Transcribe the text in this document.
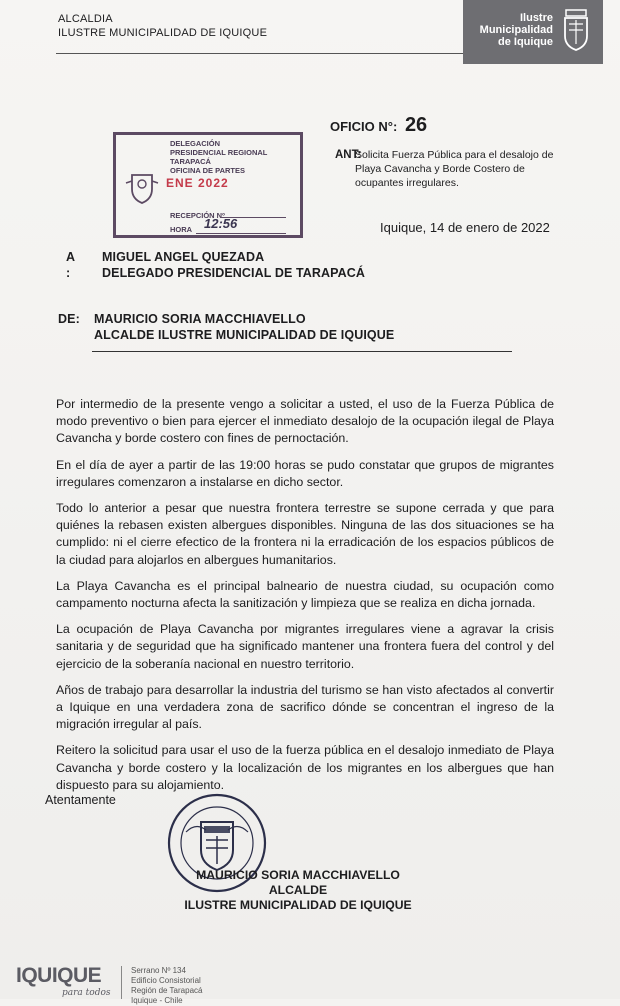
ALCALDIA
ILUSTRE MUNICIPALIDAD DE IQUIQUE
Ilustre
Municipalidad
de Iquique
OFICIO N°: 26
ANT:
Solicita Fuerza Pública para el desalojo de Playa Cavancha y Borde Costero de ocupantes irregulares.
DELEGACIÓN
PRESIDENCIAL REGIONAL
TARAPACÁ
OFICINA DE PARTES
ENE 2022
RECEPCIÓN Nº
HORA 12:56	Iquique, 14 de enero de 2022
A :
MIGUEL ANGEL QUEZADA
DELEGADO PRESIDENCIAL DE TARAPACÁ
DE: MAURICIO SORIA MACCHIAVELLO
ALCALDE ILUSTRE MUNICIPALIDAD DE IQUIQUE

Por intermedio de la presente vengo a solicitar a usted, el uso de la Fuerza Pública de modo preventivo o bien para ejercer el inmediato desalojo de la ocupación ilegal de Playa Cavancha y borde costero con fines de pernoctación.

En el día de ayer a partir de las 19:00 horas se pudo constatar que grupos de migrantes irregulares comenzaron a instalarse en dicho sector.

Todo lo anterior a pesar que nuestra frontera terrestre se supone cerrada y que para quiénes la rebasen existen albergues disponibles. Ninguna de las dos situaciones se ha cumplido: ni el cierre efectico de la frontera ni la erradicación de los espacios públicos de la ciudad para alojarlos en albergues humanitarios.

La Playa Cavancha es el principal balneario de nuestra ciudad, su ocupación como campamento nocturna afecta la sanitización y limpieza que se realiza en dicha jornada.

La ocupación de Playa Cavancha por migrantes irregulares viene a agravar la crisis sanitaria y de seguridad que ha significado mantener una frontera fuera del control y del ejercicio de la soberanía nacional en nuestro territorio.

Años de trabajo para desarrollar la industria del turismo se han visto afectados al convertir a Iquique en una verdadera zona de sacrifico dónde se concentran el ingreso de la migración irregular al país.

Reitero la solicitud para usar el uso de la fuerza pública en el desalojo inmediato de Playa Cavancha y borde costero y la localización de los migrantes en los albergues que han dispuesto para su alojamiento.

Atentamente
MAURICIO SORIA MACCHIAVELLO
ALCALDE
ILUSTRE MUNICIPALIDAD DE IQUIQUE
IQUIQUE
para todos
Serrano Nº 134
Edificio Consistorial
Región de Tarapacá
Iquique - Chile
